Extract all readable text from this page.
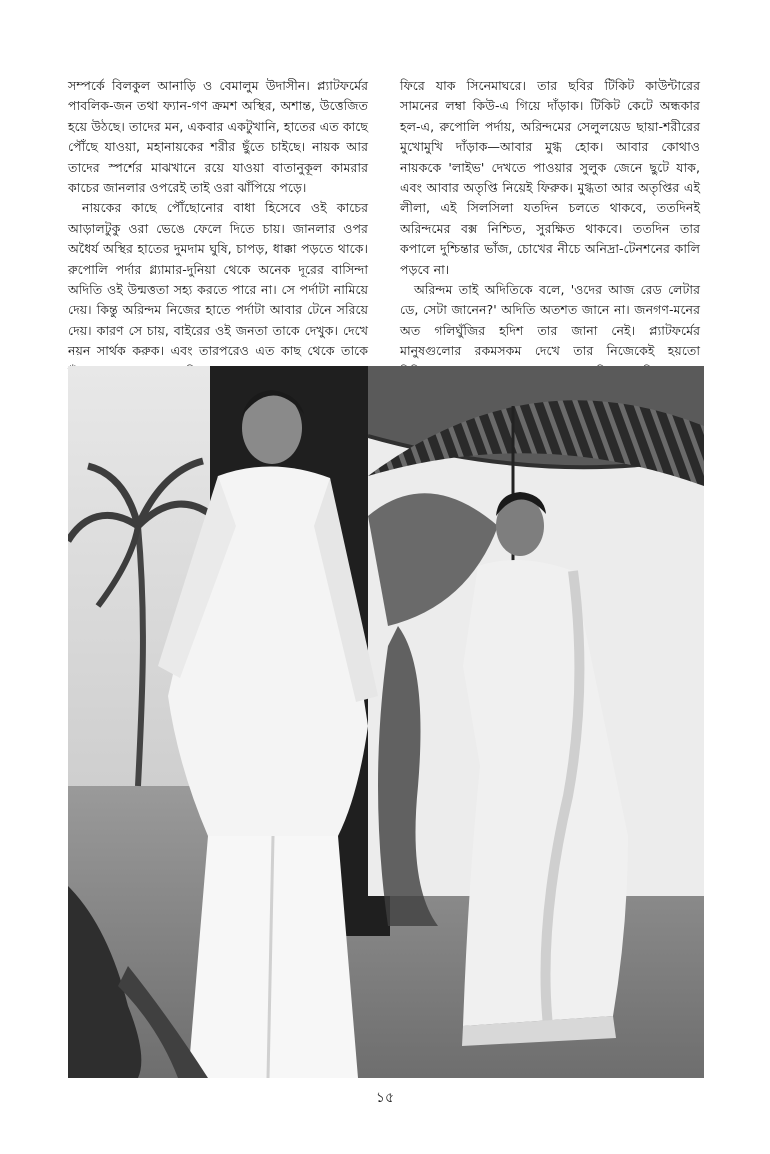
সম্পর্কে বিলকুল আনাড়ি ও বেমালুম উদাসীন। প্ল্যাটফর্মের পাবলিক-জন তথা ফ্যান-গণ ক্রমশ অস্থির, অশান্ত, উত্তেজিত হয়ে উঠছে। তাদের মন, একবার একটুখানি, হাতের এত কাছে পৌঁছে যাওয়া, মহানায়কের শরীর ছুঁতে চাইছে। নায়ক আর তাদের স্পর্শের মাঝখানে রয়ে যাওয়া বাতানুকূল কামরার কাচের জানলার ওপরেই তাই ওরা ঝাঁপিয়ে পড়ে।

নায়কের কাছে পৌঁছোনোর বাধা হিসেবে ওই কাচের আড়ালটুকু ওরা ভেঙে ফেলে দিতে চায়। জানলার ওপর অধৈর্য অস্থির হাতের দুমদাম ঘুষি, চাপড়, ধাক্কা পড়তে থাকে। রুপোলি পর্দার গ্ল্যামার-দুনিয়া থেকে অনেক দূরের বাসিন্দা অদিতি ওই উন্মত্ততা সহ্য করতে পারে না। সে পর্দাটা নামিয়ে দেয়। কিন্তু অরিন্দম নিজের হাতে পর্দাটা আবার টেনে সরিয়ে দেয়। কারণ সে চায়, বাইরের ওই জনতা তাকে দেখুক। দেখে নয়ন সার্থক করুক। এবং তারপরেও এত কাছ থেকে তাকে

ফিরে যাক সিনেমাঘরে। তার ছবির টিকিট কাউন্টারের সামনের লম্বা কিউ-এ গিয়ে দাঁড়াক। টিকিট কেটে অন্ধকার হল-এ, রুপোলি পর্দায়, অরিন্দমের সেলুলয়েড ছায়া-শরীরের মুখোমুখি দাঁড়াক—আবার মুগ্ধ হোক। আবার কোথাও নায়ককে 'লাইভ' দেখতে পাওয়ার সুলুক জেনে ছুটে যাক, এবং আবার অতৃপ্তি নিয়েই ফিরুক। মুগ্ধতা আর অতৃপ্তির এই লীলা, এই সিলসিলা যতদিন চলতে থাকবে, ততদিনই অরিন্দমের বক্স নিশ্চিত, সুরক্ষিত থাকবে। ততদিন তার কপালে দুশ্চিন্তার ভাঁজ, চোখের নীচে অনিদ্রা-টেনশনের কালি পড়বে না।

অরিন্দম তাই অদিতিকে বলে, 'ওদের আজ রেড লেটার ডে, সেটা জানেন?' অদিতি অতশত জানে না। জনগণ-মনের অত গলিঘুঁজির হদিশ তার জানা নেই। প্ল্যাটফর্মের মানুষগুলোর রকমসকম দেখে তার নিজেকেই হয়তো

১৫
